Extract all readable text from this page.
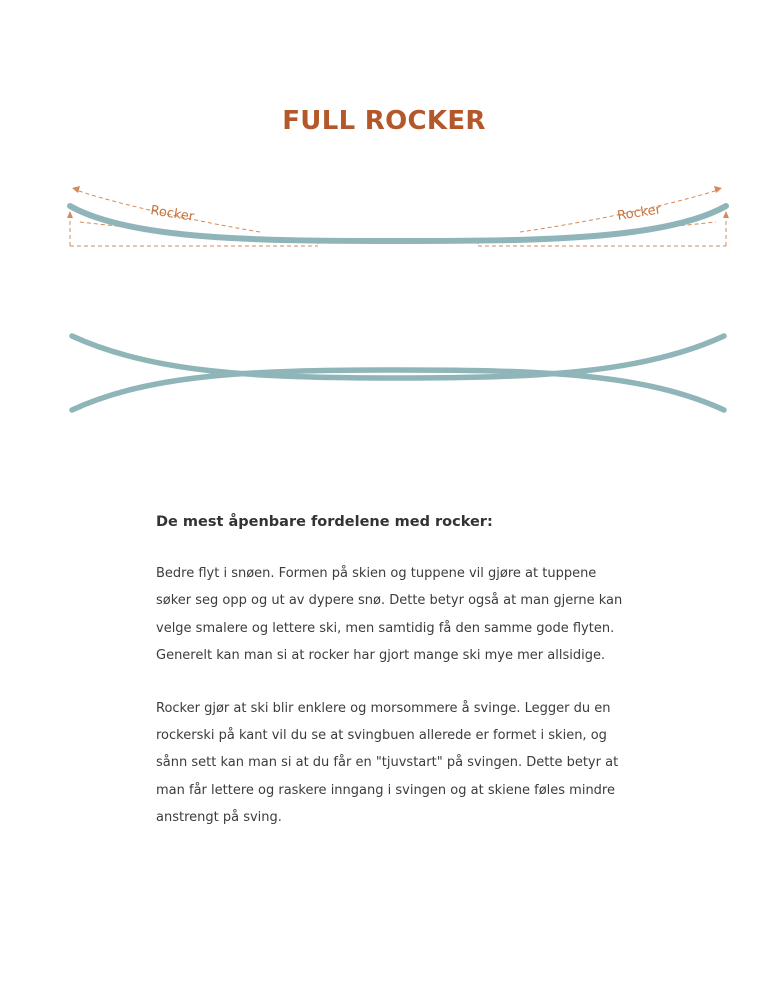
FULL ROCKER
Rocker	Rocker
De mest åpenbare fordelene med rocker:

Bedre flyt i snøen. Formen på skien og tuppene vil gjøre at tuppene søker seg opp og ut av dypere snø. Dette betyr også at man gjerne kan velge smalere og lettere ski, men samtidig få den samme gode flyten. Generelt kan man si at rocker har gjort mange ski mye mer allsidige.

Rocker gjør at ski blir enklere og morsommere å svinge. Legger du en rockerski på kant vil du se at svingbuen allerede er formet i skien, og sånn sett kan man si at du får en "tjuvstart" på svingen. Dette betyr at man får lettere og raskere inngang i svingen og at skiene føles mindre anstrengt på sving.
